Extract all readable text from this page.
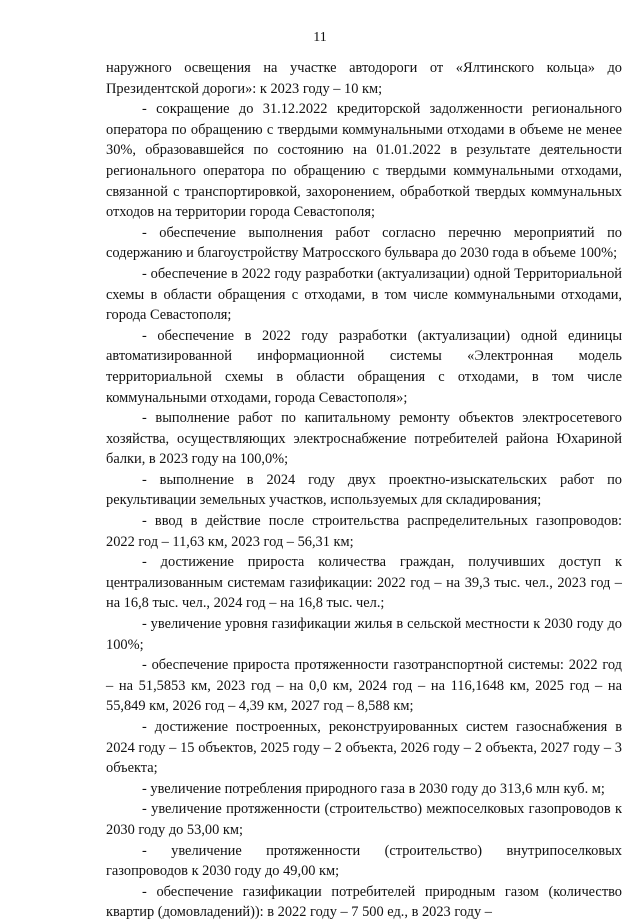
11

наружного освещения на участке автодороги от «Ялтинского кольца» до Президентской дороги»: к 2023 году – 10 км;

- сокращение до 31.12.2022 кредиторской задолженности регионального оператора по обращению с твердыми коммунальными отходами в объеме не менее 30%, образовавшейся по состоянию на 01.01.2022 в результате деятельности регионального оператора по обращению с твердыми коммунальными отходами, связанной с транспортировкой, захоронением, обработкой твердых коммунальных отходов на территории города Севастополя;

- обеспечение выполнения работ согласно перечню мероприятий по содержанию и благоустройству Матросского бульвара до 2030 года в объеме 100%;

- обеспечение в 2022 году разработки (актуализации) одной Территориальной схемы в области обращения с отходами, в том числе коммунальными отходами, города Севастополя;

- обеспечение в 2022 году разработки (актуализации) одной единицы автоматизированной информационной системы «Электронная модель территориальной схемы в области обращения с отходами, в том числе коммунальными отходами, города Севастополя»;

- выполнение работ по капитальному ремонту объектов электросетевого хозяйства, осуществляющих электроснабжение потребителей района Юхариной балки, в 2023 году на 100,0%;

- выполнение в 2024 году двух проектно-изыскательских работ по рекультивации земельных участков, используемых для складирования;

- ввод в действие после строительства распределительных газопроводов: 2022 год – 11,63 км, 2023 год – 56,31 км;

- достижение прироста количества граждан, получивших доступ к централизованным системам газификации: 2022 год – на 39,3 тыс. чел., 2023 год – на 16,8 тыс. чел., 2024 год – на 16,8 тыс. чел.;

- увеличение уровня газификации жилья в сельской местности к 2030 году до 100%;

- обеспечение прироста протяженности газотранспортной системы: 2022 год – на 51,5853 км, 2023 год – на 0,0 км, 2024 год – на 116,1648 км, 2025 год – на 55,849 км, 2026 год – 4,39 км, 2027 год – 8,588 км;

- достижение построенных, реконструированных систем газоснабжения в 2024 году – 15 объектов, 2025 году – 2 объекта, 2026 году – 2 объекта, 2027 году – 3 объекта;

- увеличение потребления природного газа в 2030 году до 313,6 млн куб. м;

- увеличение протяженности (строительство) межпоселковых газопроводов к 2030 году до 53,00 км;

- увеличение протяженности (строительство) внутрипоселковых газопроводов к 2030 году до 49,00 км;

- обеспечение газификации потребителей природным газом (количество квартир (домовладений)): в 2022 году – 7 500 ед., в 2023 году –
